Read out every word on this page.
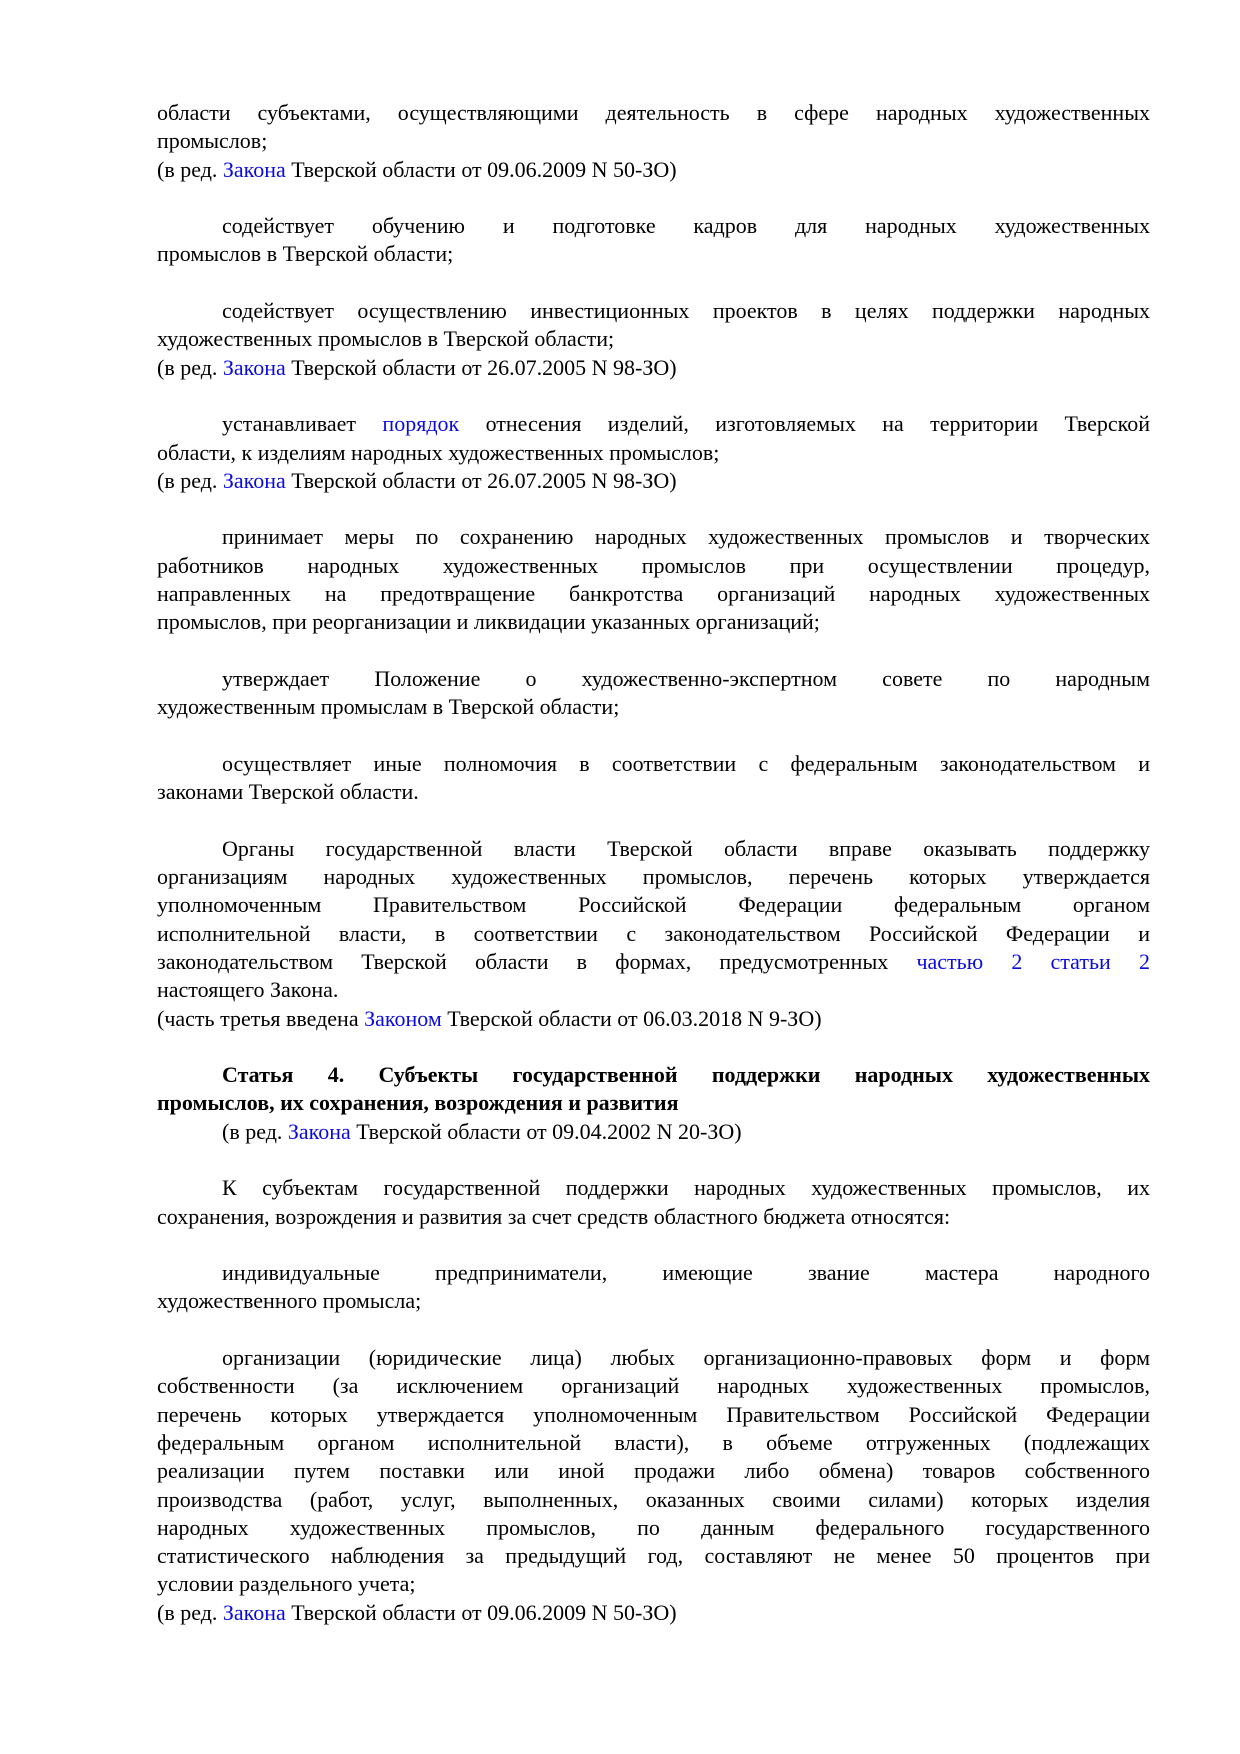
области субъектами, осуществляющими деятельность в сфере народных художественных
промыслов;
(в ред. Закона Тверской области от 09.06.2009 N 50-ЗО)
содействует обучению и подготовке кадров для народных художественных
промыслов в Тверской области;
содействует осуществлению инвестиционных проектов в целях поддержки народных
художественных промыслов в Тверской области;
(в ред. Закона Тверской области от 26.07.2005 N 98-ЗО)
устанавливает порядок отнесения изделий, изготовляемых на территории Тверской
области, к изделиям народных художественных промыслов;
(в ред. Закона Тверской области от 26.07.2005 N 98-ЗО)
принимает меры по сохранению народных художественных промыслов и творческих
работников народных художественных промыслов при осуществлении процедур,
направленных на предотвращение банкротства организаций народных художественных
промыслов, при реорганизации и ликвидации указанных организаций;
утверждает Положение о художественно-экспертном совете по народным
художественным промыслам в Тверской области;
осуществляет иные полномочия в соответствии с федеральным законодательством и
законами Тверской области.
Органы государственной власти Тверской области вправе оказывать поддержку
организациям народных художественных промыслов, перечень которых утверждается
уполномоченным Правительством Российской Федерации федеральным органом
исполнительной власти, в соответствии с законодательством Российской Федерации и
законодательством Тверской области в формах, предусмотренных частью 2 статьи 2
настоящего Закона.
(часть третья введена Законом Тверской области от 06.03.2018 N 9-ЗО)
Статья 4. Субъекты государственной поддержки народных художественных
промыслов, их сохранения, возрождения и развития
(в ред. Закона Тверской области от 09.04.2002 N 20-ЗО)
К субъектам государственной поддержки народных художественных промыслов, их
сохранения, возрождения и развития за счет средств областного бюджета относятся:
индивидуальные предприниматели, имеющие звание мастера народного
художественного промысла;
организации (юридические лица) любых организационно-правовых форм и форм
собственности (за исключением организаций народных художественных промыслов,
перечень которых утверждается уполномоченным Правительством Российской Федерации
федеральным органом исполнительной власти), в объеме отгруженных (подлежащих
реализации путем поставки или иной продажи либо обмена) товаров собственного
производства (работ, услуг, выполненных, оказанных своими силами) которых изделия
народных художественных промыслов, по данным федерального государственного
статистического наблюдения за предыдущий год, составляют не менее 50 процентов при
условии раздельного учета;
(в ред. Закона Тверской области от 09.06.2009 N 50-ЗО)
